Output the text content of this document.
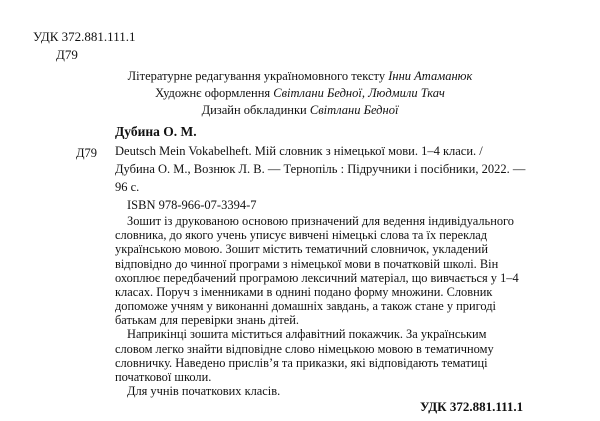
УДК 372.881.111.1
Д79
Літературне редагування україномовного тексту Інни Атаманюк
Художнє оформлення Світлани Бедної, Людмили Ткач
Дизайн обкладинки Світлани Бедної
Дубина О. М.
Д79 Deutsch Mein Vokabelheft. Мій словник з німецької мови. 1–4 класи. /
Дубина О. М., Вознюк Л. В. — Тернопіль : Підручники і посібники, 2022. —
96 с.
ISBN 978-966-07-3394-7
Зошит із друкованою основою призначений для ведення індивідуального
словника, до якого учень уписує вивчені німецькі слова та їх переклад
українською мовою. Зошит містить тематичний словничок, укладений
відповідно до чинної програми з німецької мови в початковій школі. Він
охоплює передбачений програмою лексичний матеріал, що вивчається у 1–4
класах. Поруч з іменниками в однині подано форму множини. Словник
допоможе учням у виконанні домашніх завдань, а також стане у пригоді
батькам для перевірки знань дітей.
Наприкінці зошита міститься алфавітний покажчик. За українським
словом легко знайти відповідне слово німецькою мовою в тематичному
словничку. Наведено прислів’я та приказки, які відповідають тематиці
початкової школи.
Для учнів початкових класів.
УДК 372.881.111.1
